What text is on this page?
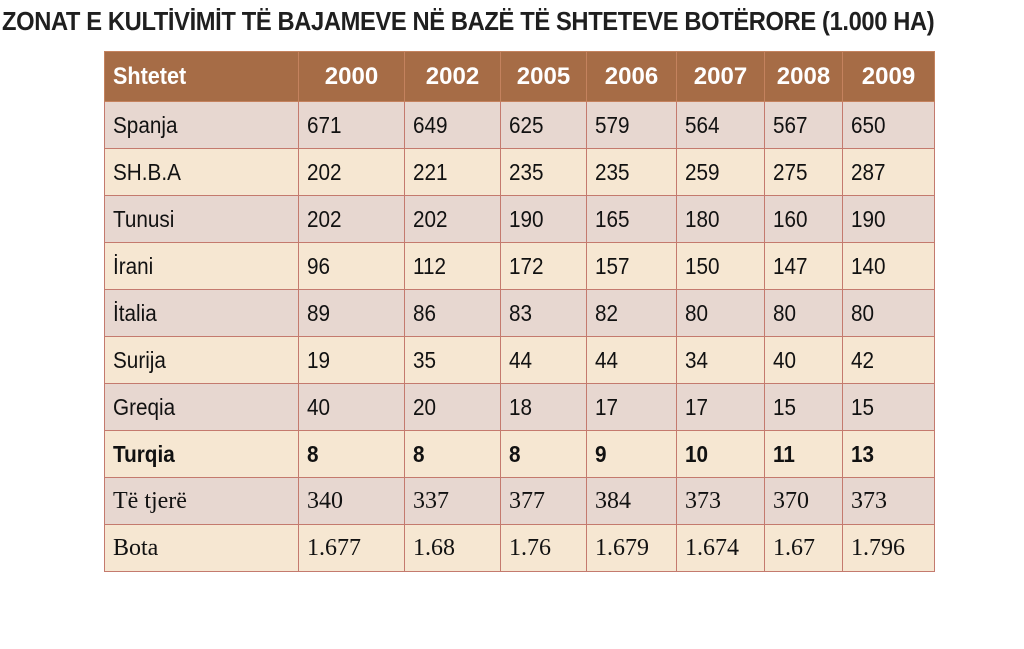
ZONAT E KULTİVİMİT TË BAJAMEVE NË BAZË TË SHTETEVE BOTËRORE (1.000 HA)
Shtetet	2000	2002	2005	2006	2007	2008	2009
Spanja	671	649	625	579	564	567	650
SH.B.A	202	221	235	235	259	275	287
Tunusi	202	202	190	165	180	160	190
İrani	96	112	172	157	150	147	140
İtalia	89	86	83	82	80	80	80
Surija	19	35	44	44	34	40	42
Greqia	40	20	18	17	17	15	15
Turqia	8	8	8	9	10	11	13
Të tjerë	340	337	377	384	373	370	373
Bota	1.677	1.68	1.76	1.679	1.674	1.67	1.796
